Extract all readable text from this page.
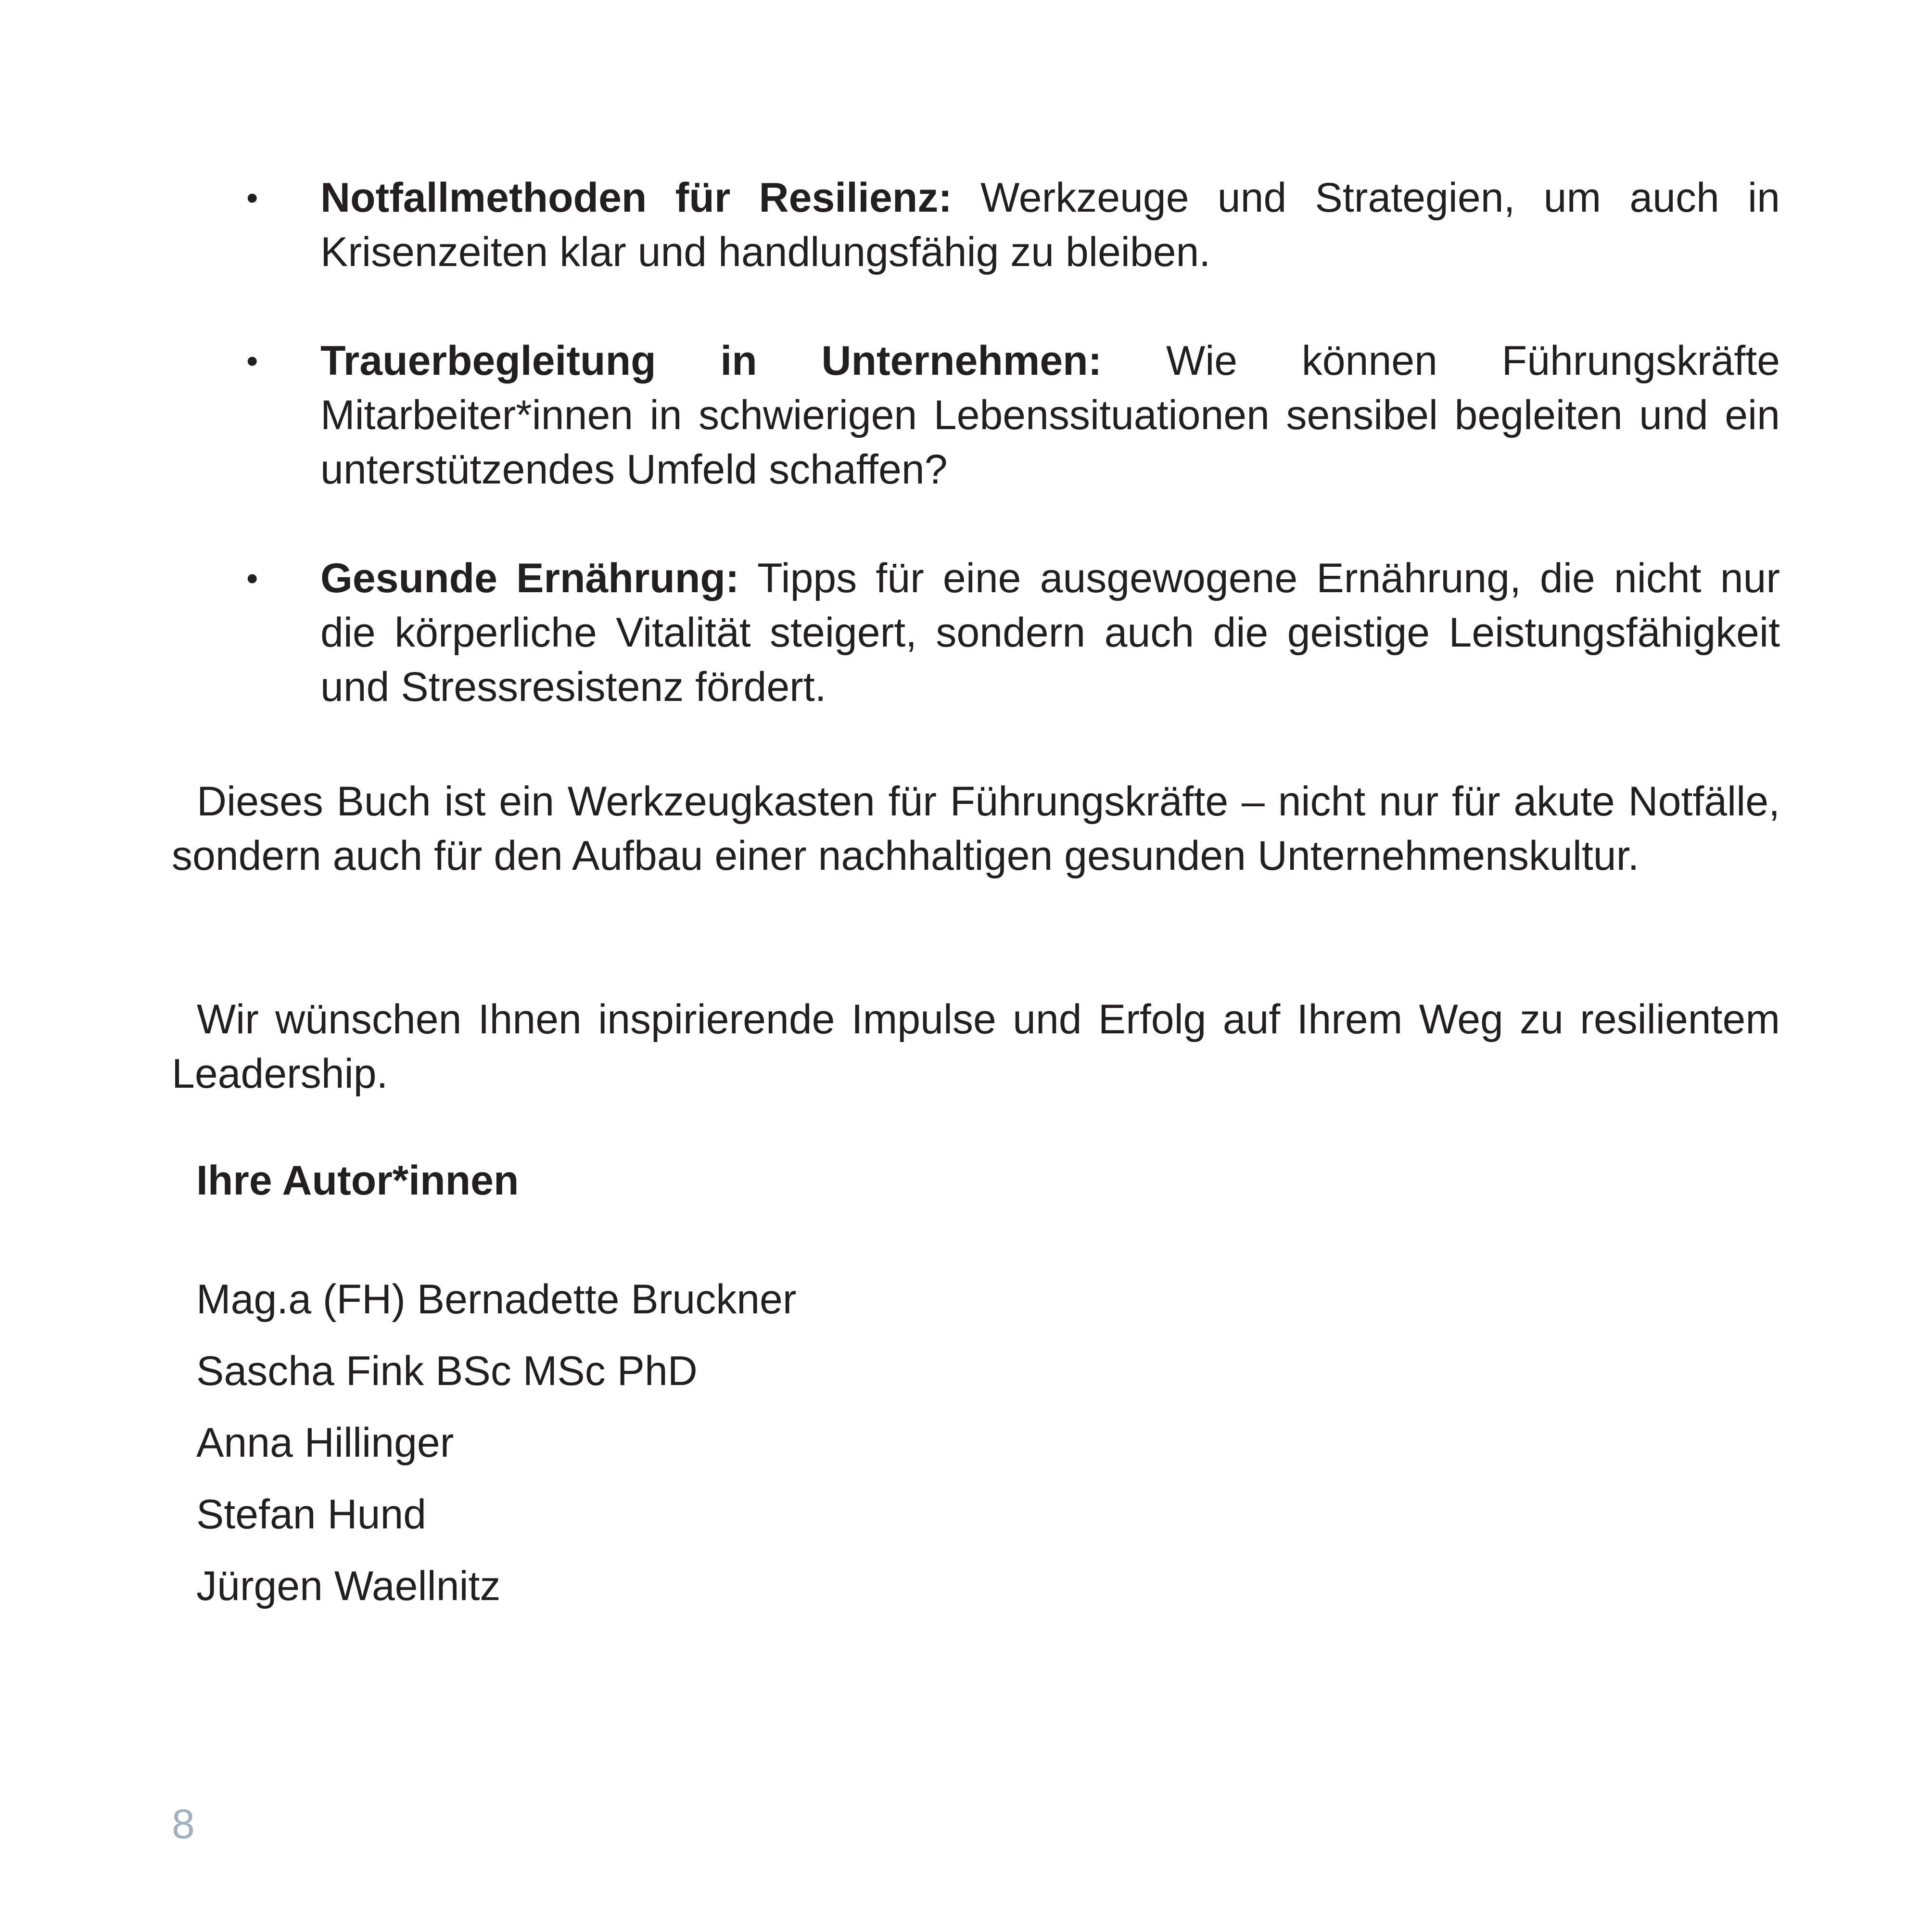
• Notfallmethoden für Resilienz: Werkzeuge und Strategien, um auch in Krisenzeiten klar und handlungsfähig zu bleiben.
• Trauerbegleitung in Unternehmen: Wie können Führungskräfte Mitarbeiter*innen in schwierigen Lebenssituationen sensibel begleiten und ein unterstützendes Umfeld schaffen?
• Gesunde Ernährung: Tipps für eine ausgewogene Ernährung, die nicht nur die körperliche Vitalität steigert, sondern auch die geistige Leistungsfähigkeit und Stressresistenz fördert.

Dieses Buch ist ein Werkzeugkasten für Führungskräfte – nicht nur für akute Notfälle, sondern auch für den Aufbau einer nachhaltigen gesunden Unternehmenskultur.

Wir wünschen Ihnen inspirierende Impulse und Erfolg auf Ihrem Weg zu resilientem Leadership.

Ihre Autor*innen

Mag.a (FH) Bernadette Bruckner
Sascha Fink BSc MSc PhD
Anna Hillinger
Stefan Hund
Jürgen Waellnitz
8
